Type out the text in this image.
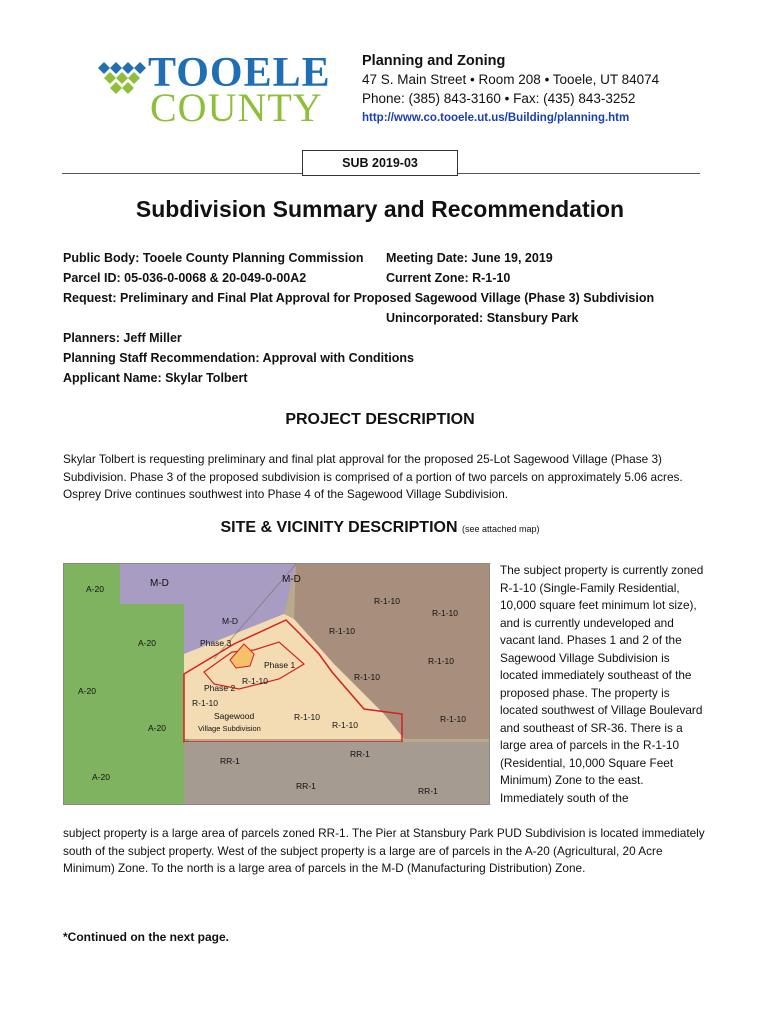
TOOELE
COUNTY
Planning and Zoning
47 S. Main Street • Room 208 • Tooele, UT 84074
Phone: (385) 843-3160 • Fax: (435) 843-3252
http://www.co.tooele.ut.us/Building/planning.htm
SUB 2019-03
Subdivision Summary and Recommendation
Public Body: Tooele County Planning Commission Meeting Date: June 19, 2019
Parcel ID: 05-036-0-0068 & 20-049-0-00A2	Current Zone: R-1-10
Request: Preliminary and Final Plat Approval for Proposed Sagewood Village (Phase 3) Subdivision
Unincorporated: Stansbury Park
Planners: Jeff Miller
Planning Staff Recommendation: Approval with Conditions
Applicant Name: Skylar Tolbert
PROJECT DESCRIPTION
Skylar Tolbert is requesting preliminary and final plat approval for the proposed 25-Lot Sagewood Village (Phase 3) Subdivision. Phase 3 of the proposed subdivision is comprised of a portion of two parcels on approximately 5.06 acres. Osprey Drive continues southwest into Phase 4 of the Sagewood Village Subdivision.
SITE & VICINITY DESCRIPTION (see attached map)
A-20	M-D	M-D
R-1-10
M-D
R-1-10
R-1-10
A-20	Phase 3
R-1-10
Phase 1
R-1-10	R-1-10
A-20	Phase 2
R-1-10
Sagewood
Village Subdivision
R-1-10
R-1-10
R-1-10
A-20
RR-1
RR-1
A-20
RR-1	RR-1
The subject property is currently zoned R-1-10 (Single-Family Residential, 10,000 square feet minimum lot size), and is currently undeveloped and vacant land. Phases 1 and 2 of the Sagewood Village Subdivision is located immediately southeast of the proposed phase. The property is located southwest of Village Boulevard and southeast of SR-36. There is a large area of parcels in the R-1-10 (Residential, 10,000 Square Feet Minimum) Zone to the east. Immediately south of the
subject property is a large area of parcels zoned RR-1. The Pier at Stansbury Park PUD Subdivision is located immediately south of the subject property. West of the subject property is a large are of parcels in the A-20 (Agricultural, 20 Acre Minimum) Zone. To the north is a large area of parcels in the M-D (Manufacturing Distribution) Zone.
*Continued on the next page.
